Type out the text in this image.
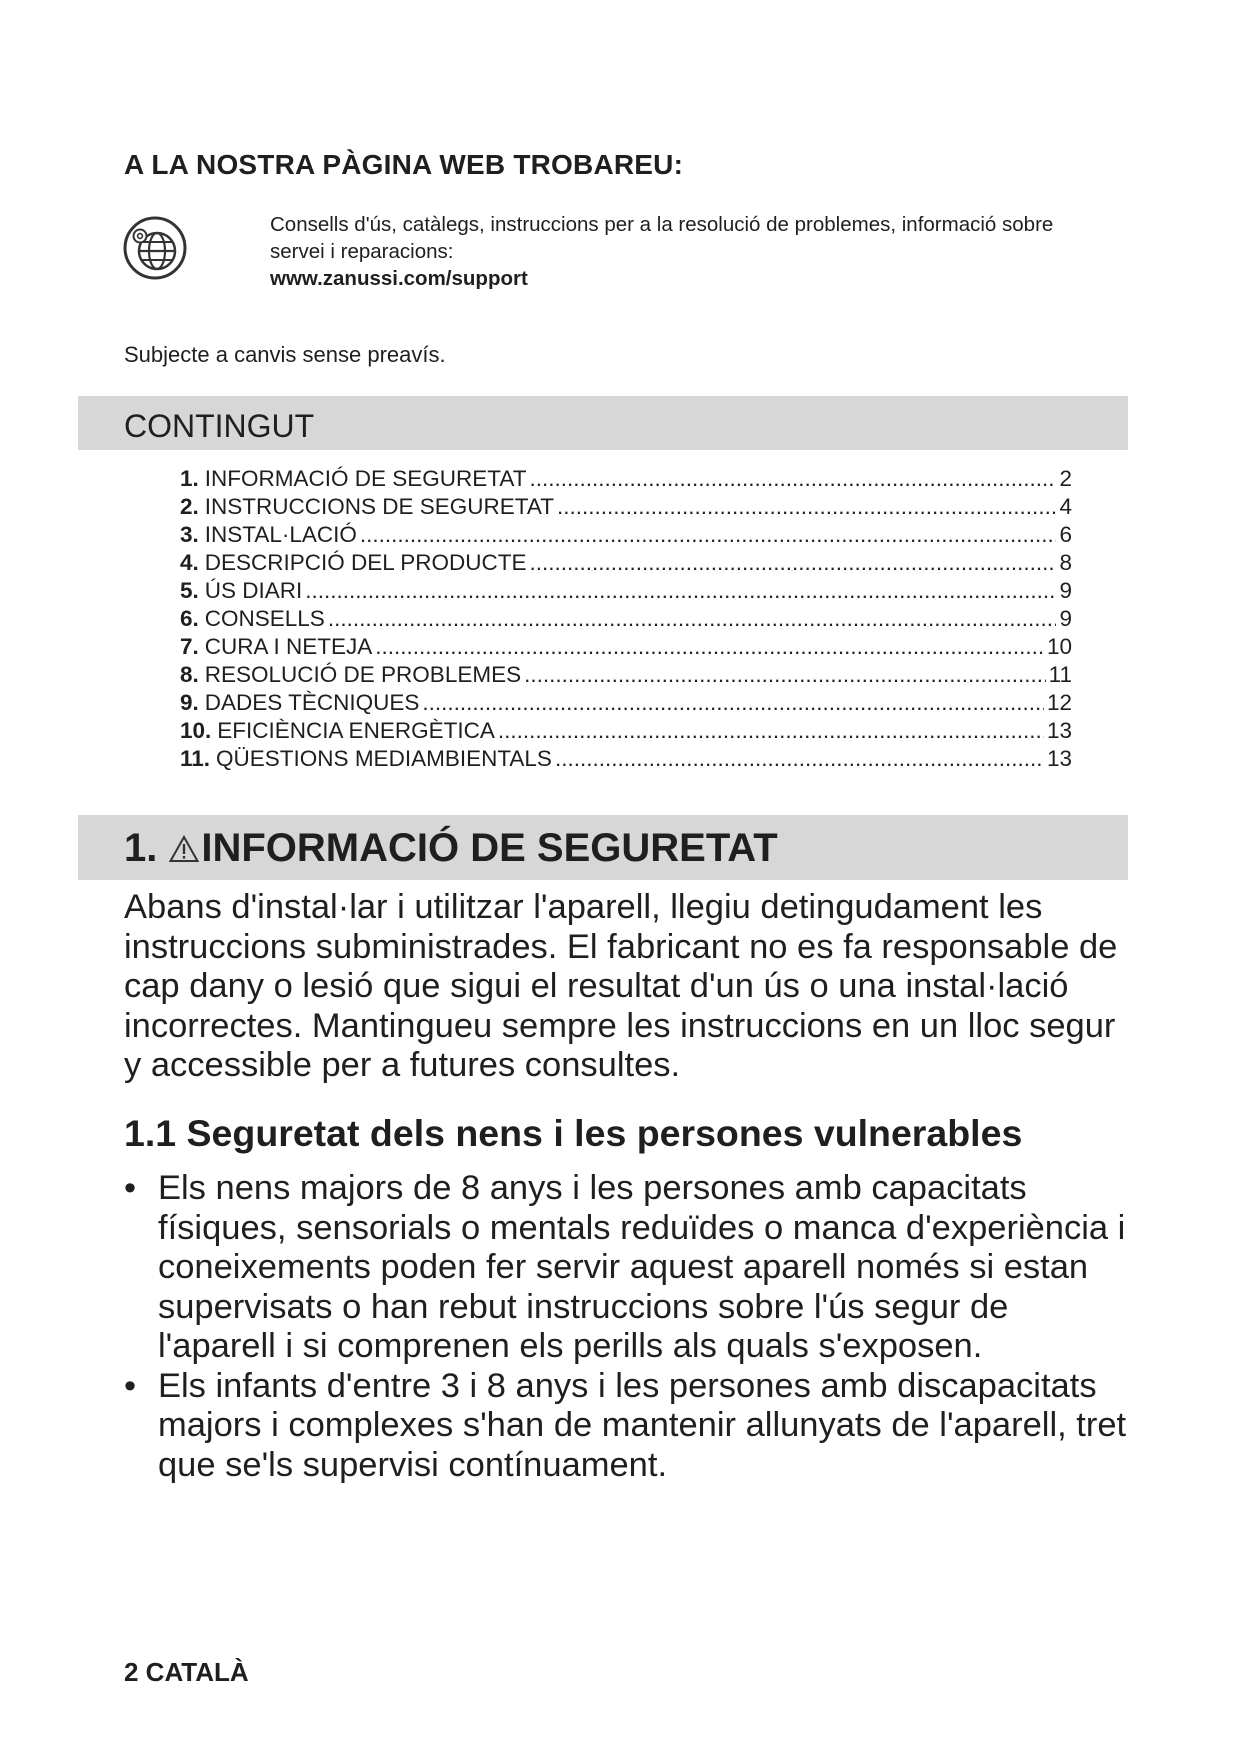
A LA NOSTRA PÀGINA WEB TROBAREU:
Consells d'ús, catàlegs, instruccions per a la resolució de problemes, informació sobre servei i reparacions:
www.zanussi.com/support
Subjecte a canvis sense preavís.
CONTINGUT
1. INFORMACIÓ DE SEGURETAT .....	2
2. INSTRUCCIONS DE SEGURETAT .....	4
3. INSTAL·LACIÓ .....	6
4. DESCRIPCIÓ DEL PRODUCTE .....	8
5. ÚS DIARI .....	9
6. CONSELLS .....	9
7. CURA I NETEJA .....	10
8. RESOLUCIÓ DE PROBLEMES .....	11
9. DADES TÈCNIQUES .....	12
10. EFICIÈNCIA ENERGÈTICA .....	13
11. QÜESTIONS MEDIAMBIENTALS .....	13
1. INFORMACIÓ DE SEGURETAT

Abans d'instal·lar i utilitzar l'aparell, llegiu detingudament les instruccions subministrades. El fabricant no es fa responsable de cap dany o lesió que sigui el resultat d'un ús o una instal·lació incorrectes. Mantingueu sempre les instruccions en un lloc segur y accessible per a futures consultes.

1.1 Seguretat dels nens i les persones vulnerables
• Els nens majors de 8 anys i les persones amb capacitats físiques, sensorials o mentals reduïdes o manca d'experiència i coneixements poden fer servir aquest aparell només si estan supervisats o han rebut instruccions sobre l'ús segur de l'aparell i si comprenen els perills als quals s'exposen.
• Els infants d'entre 3 i 8 anys i les persones amb discapacitats majors i complexes s'han de mantenir allunyats de l'aparell, tret que se'ls supervisi contínuament.
2 CATALÀ
